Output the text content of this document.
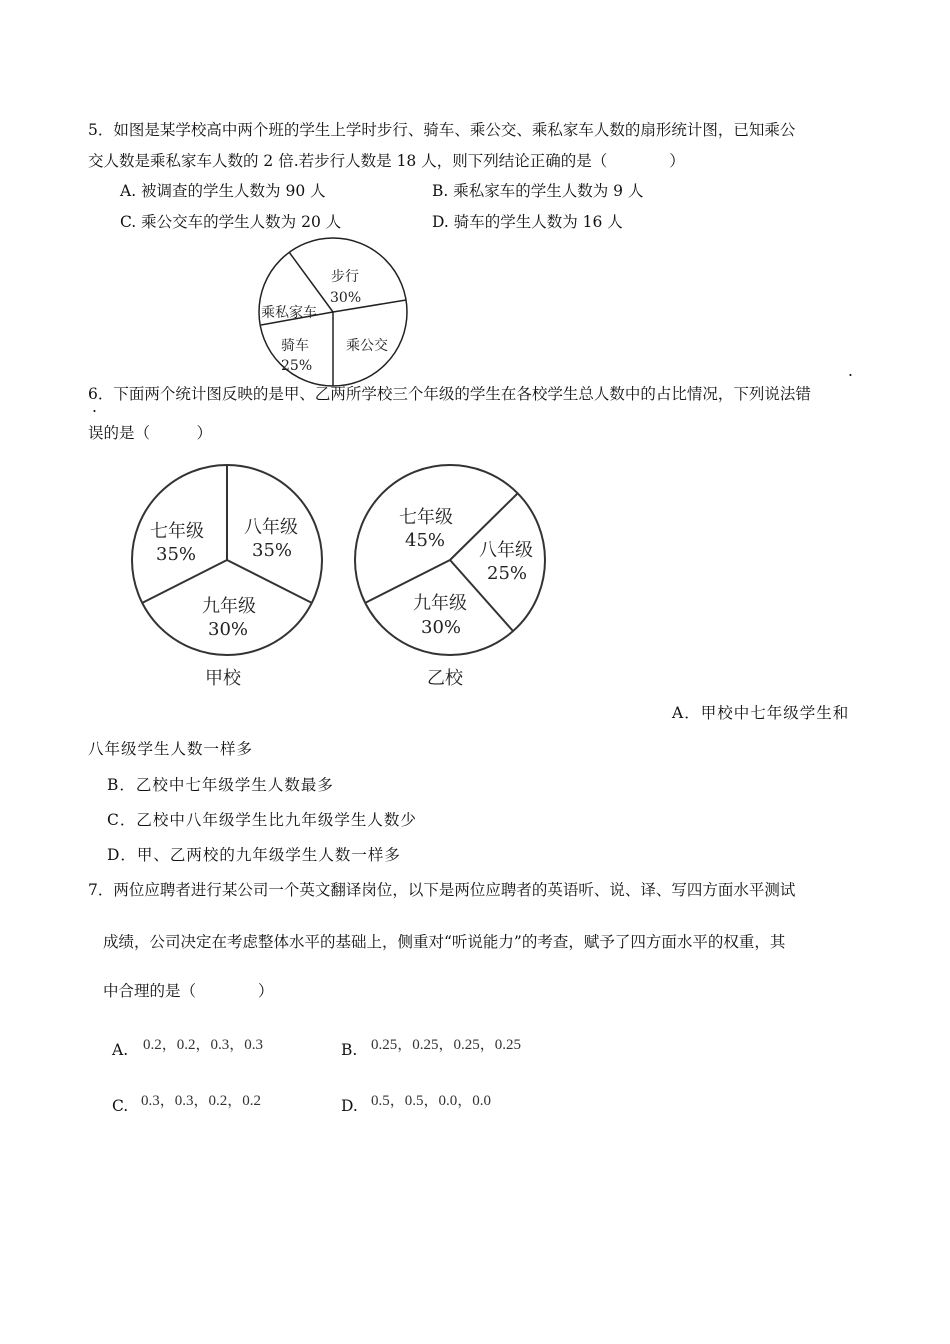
5．如图是某学校高中两个班的学生上学时步行、骑车、乘公交、乘私家车人数的扇形统计图，已知乘公
交人数是乘私家车人数的 2 倍.若步行人数是 18 人，则下列结论正确的是（　　　　）
A. 被调查的学生人数为 90 人	B. 乘私家车的学生人数为 9 人
C. 乘公交车的学生人数为 20 人	D. 骑车的学生人数为 16 人
步行
30%
乘私家车
骑车
25%
乘公交
.
6．下面两个统计图反映的是甲、乙两所学校三个年级的学生在各校学生总人数中的占比情况，下列说法错
.
误的是（　　　）
七年级
35%
八年级
35%
九年级
30%
甲校
七年级
45% 八年级
25%
九年级
30%
乙校
A．甲校中七年级学生和
八年级学生人数一样多
B．乙校中七年级学生人数最多
C．乙校中八年级学生比九年级学生人数少
D．甲、乙两校的九年级学生人数一样多
7．两位应聘者进行某公司一个英文翻译岗位，以下是两位应聘者的英语听、说、译、写四方面水平测试
成绩，公司决定在考虑整体水平的基础上，侧重对“听说能力”的考查，赋予了四方面水平的权重，其
中合理的是（　　　　）
A. 0.2，0.2，0.3，0.3	B. 0.25，0.25，0.25，0.25
C. 0.3，0.3，0.2，0.2	D. 0.5，0.5，0.0，0.0
